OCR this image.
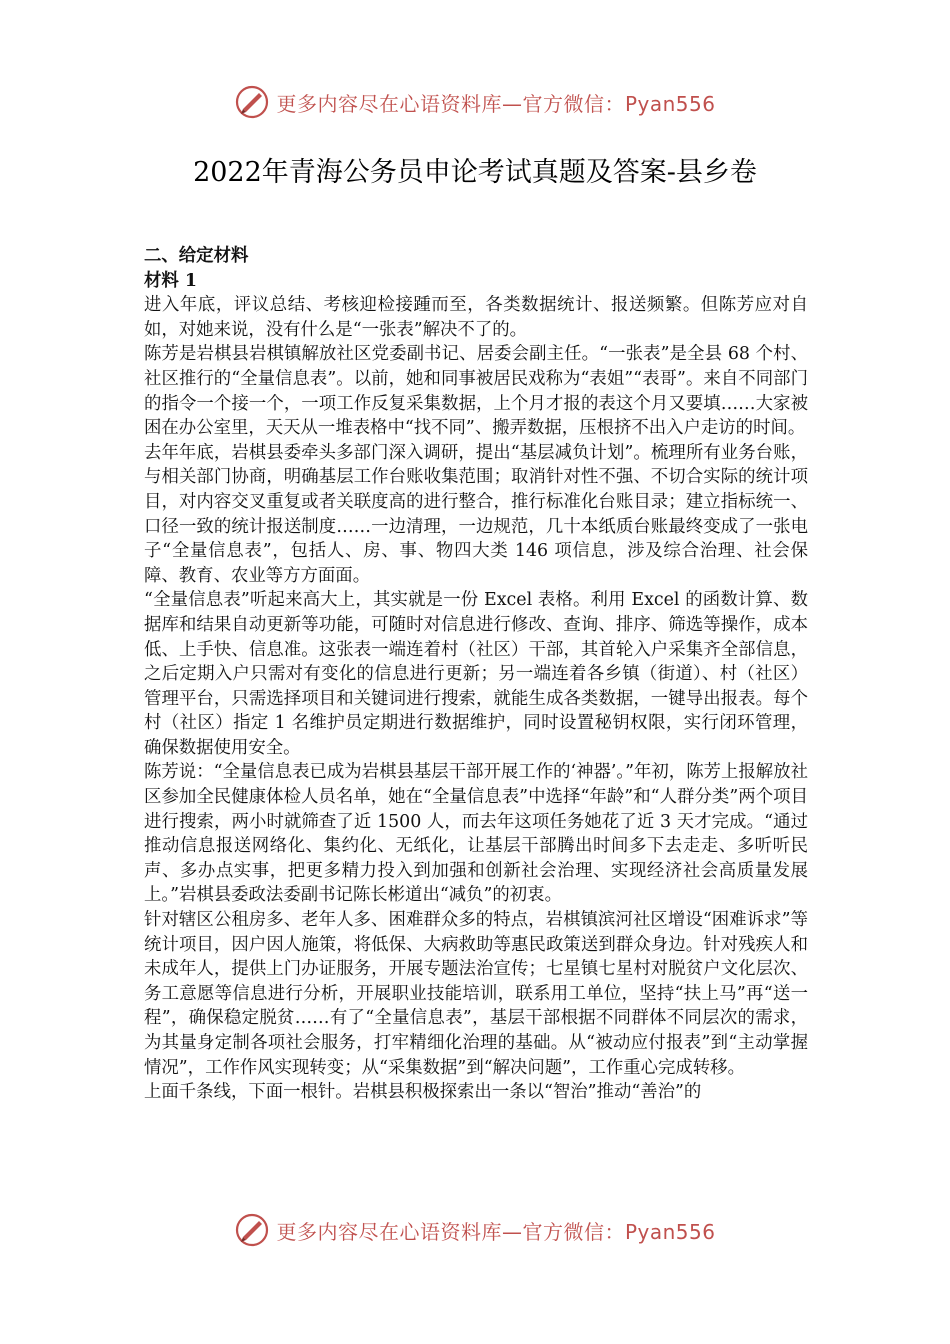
更多内容尽在心语资料库—官方微信：Pyan556
2022年青海公务员申论考试真题及答案-县乡卷

二、给定材料

材料 1

进入年底，评议总结、考核迎检接踵而至，各类数据统计、报送频繁。但陈芳应对自如，对她来说，没有什么是“一张表”解决不了的。

陈芳是岩棋县岩棋镇解放社区党委副书记、居委会副主任。“一张表”是全县 68 个村、社区推行的“全量信息表”。以前，她和同事被居民戏称为“表姐”“表哥”。来自不同部门的指令一个接一个，一项工作反复采集数据，上个月才报的表这个月又要填……大家被困在办公室里，天天从一堆表格中“找不同”、搬弄数据，压根挤不出入户走访的时间。

去年年底，岩棋县委牵头多部门深入调研，提出“基层减负计划”。梳理所有业务台账，与相关部门协商，明确基层工作台账收集范围；取消针对性不强、不切合实际的统计项目，对内容交叉重复或者关联度高的进行整合，推行标准化台账目录；建立指标统一、口径一致的统计报送制度……一边清理，一边规范，几十本纸质台账最终变成了一张电子“全量信息表”，包括人、房、事、物四大类 146 项信息，涉及综合治理、社会保障、教育、农业等方方面面。

“全量信息表”听起来高大上，其实就是一份 Excel 表格。利用 Excel 的函数计算、数据库和结果自动更新等功能，可随时对信息进行修改、查询、排序、筛选等操作，成本低、上手快、信息准。这张表一端连着村（社区）干部，其首轮入户采集齐全部信息，之后定期入户只需对有变化的信息进行更新；另一端连着各乡镇（街道）、村（社区）管理平台，只需选择项目和关键词进行搜索，就能生成各类数据，一键导出报表。每个村（社区）指定 1 名维护员定期进行数据维护，同时设置秘钥权限，实行闭环管理，确保数据使用安全。

陈芳说：“全量信息表已成为岩棋县基层干部开展工作的‘神器’。”年初，陈芳上报解放社区参加全民健康体检人员名单，她在“全量信息表”中选择“年龄”和“人群分类”两个项目进行搜索，两小时就筛查了近 1500 人，而去年这项任务她花了近 3 天才完成。“通过推动信息报送网络化、集约化、无纸化，让基层干部腾出时间多下去走走、多听听民声、多办点实事，把更多精力投入到加强和创新社会治理、实现经济社会高质量发展上。”岩棋县委政法委副书记陈长彬道出“减负”的初衷。

针对辖区公租房多、老年人多、困难群众多的特点，岩棋镇滨河社区增设“困难诉求”等统计项目，因户因人施策，将低保、大病救助等惠民政策送到群众身边。针对残疾人和未成年人，提供上门办证服务，开展专题法治宣传；七星镇七星村对脱贫户文化层次、务工意愿等信息进行分析，开展职业技能培训，联系用工单位，坚持“扶上马”再“送一程”，确保稳定脱贫……有了“全量信息表”，基层干部根据不同群体不同层次的需求，为其量身定制各项社会服务，打牢精细化治理的基础。从“被动应付报表”到“主动掌握情况”，工作作风实现转变；从“采集数据”到“解决问题”，工作重心完成转移。

上面千条线，下面一根针。岩棋县积极探索出一条以“智治”推动“善治”的

更多内容尽在心语资料库—官方微信：Pyan556
